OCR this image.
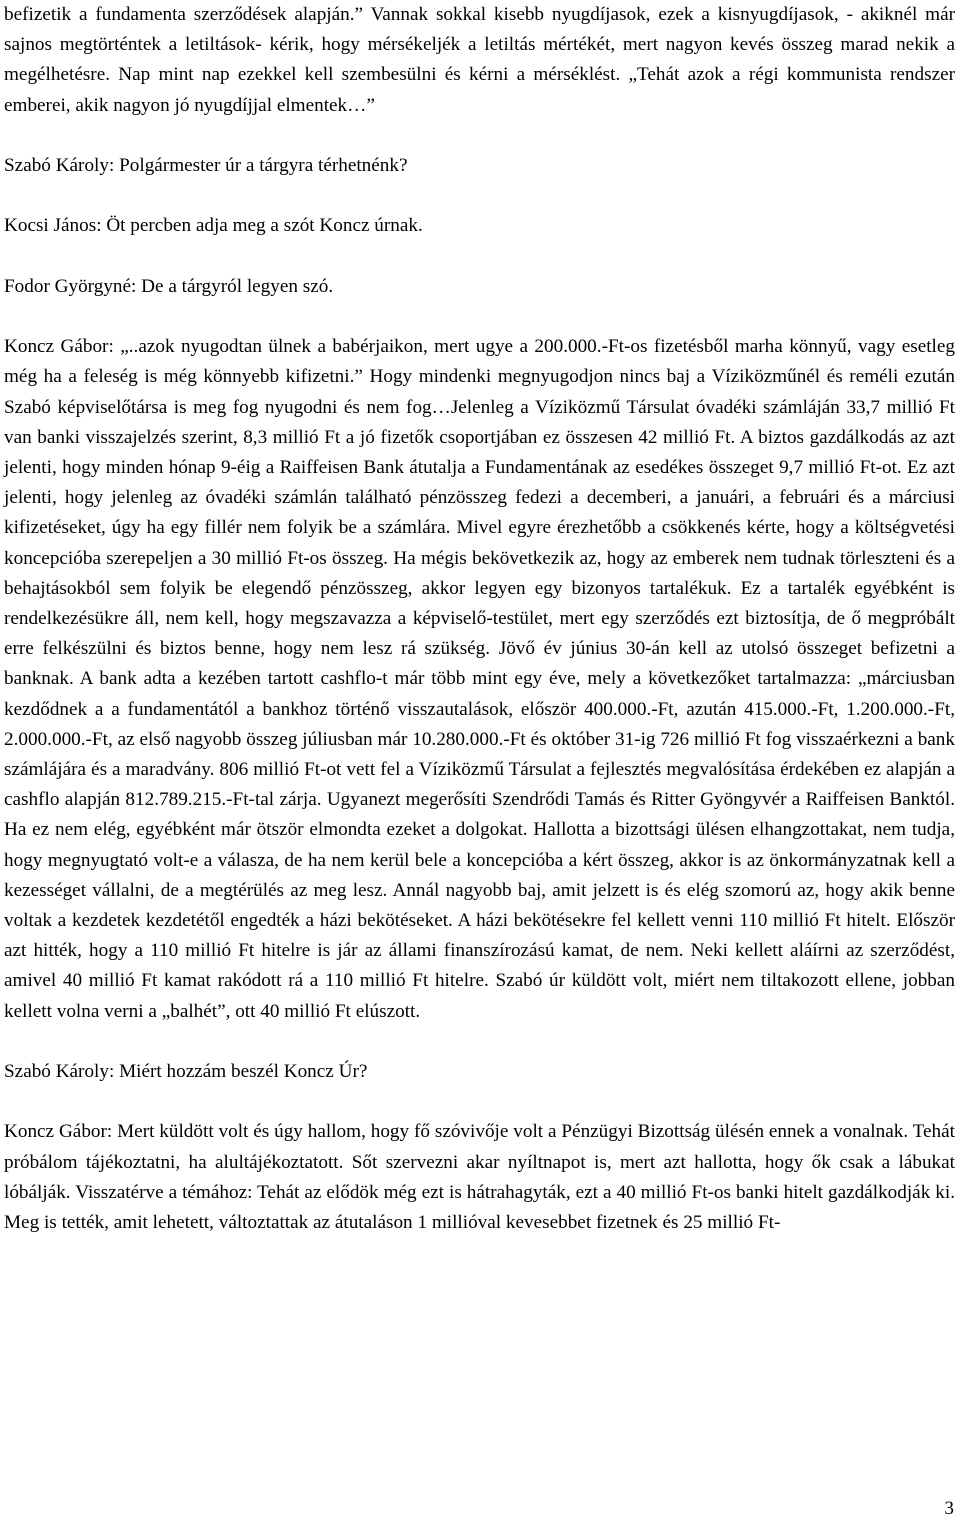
befizetik a fundamenta szerződések alapján.” Vannak sokkal kisebb nyugdíjasok, ezek a kisnyugdíjasok, - akiknél már sajnos megtörténtek a letiltások- kérik, hogy mérsékeljék a letiltás mértékét, mert nagyon kevés összeg marad nekik a megélhetésre. Nap mint nap ezekkel kell szembesülni és kérni a mérséklést. „Tehát azok a régi kommunista rendszer emberei, akik nagyon jó nyugdíjjal elmentek…”

Szabó Károly: Polgármester úr a tárgyra térhetnénk?

Kocsi János: Öt percben adja meg a szót Koncz úrnak.

Fodor Györgyné: De a tárgyról legyen szó.

Koncz Gábor: „..azok nyugodtan ülnek a babérjaikon, mert ugye a 200.000.-Ft-os fizetésből marha könnyű, vagy esetleg még ha a feleség is még könnyebb kifizetni.” Hogy mindenki megnyugodjon nincs baj a Víziközműnél és reméli ezután Szabó képviselőtársa is meg fog nyugodni és nem fog…Jelenleg a Víziközmű Társulat óvadéki számláján 33,7 millió Ft van banki visszajelzés szerint, 8,3 millió Ft a jó fizetők csoportjában ez összesen 42 millió Ft. A biztos gazdálkodás az azt jelenti, hogy minden hónap 9-éig a Raiffeisen Bank átutalja a Fundamentának az esedékes összeget 9,7 millió Ft-ot. Ez azt jelenti, hogy jelenleg az óvadéki számlán található pénzösszeg fedezi a decemberi, a januári, a februári és a márciusi kifizetéseket, úgy ha egy fillér nem folyik be a számlára. Mivel egyre érezhetőbb a csökkenés kérte, hogy a költségvetési koncepcióba szerepeljen a 30 millió Ft-os összeg. Ha mégis bekövetkezik az, hogy az emberek nem tudnak törleszteni és a behajtásokból sem folyik be elegendő pénzösszeg, akkor legyen egy bizonyos tartalékuk. Ez a tartalék egyébként is rendelkezésükre áll, nem kell, hogy megszavazza a képviselő-testület, mert egy szerződés ezt biztosítja, de ő megpróbált erre felkészülni és biztos benne, hogy nem lesz rá szükség. Jövő év június 30-án kell az utolsó összeget befizetni a banknak. A bank adta a kezében tartott cashflo-t már több mint egy éve, mely a következőket tartalmazza: „márciusban kezdődnek a a fundamentától a bankhoz történő visszautalások, először 400.000.-Ft, azután 415.000.-Ft, 1.200.000.-Ft, 2.000.000.-Ft, az első nagyobb összeg júliusban már 10.280.000.-Ft és október 31-ig 726 millió Ft fog visszaérkezni a bank számlájára és a maradvány. 806 millió Ft-ot vett fel a Víziközmű Társulat a fejlesztés megvalósítása érdekében ez alapján a cashflo alapján 812.789.215.-Ft-tal zárja. Ugyanezt megerősíti Szendrődi Tamás és Ritter Gyöngyvér a Raiffeisen Banktól. Ha ez nem elég, egyébként már ötször elmondta ezeket a dolgokat. Hallotta a bizottsági ülésen elhangzottakat, nem tudja, hogy megnyugtató volt-e a válasza, de ha nem kerül bele a koncepcióba a kért összeg, akkor is az önkormányzatnak kell a kezességet vállalni, de a megtérülés az meg lesz. Annál nagyobb baj, amit jelzett is és elég szomorú az, hogy akik benne voltak a kezdetek kezdetétől engedték a házi bekötéseket. A házi bekötésekre fel kellett venni 110 millió Ft hitelt. Először azt hitték, hogy a 110 millió Ft hitelre is jár az állami finanszírozású kamat, de nem. Neki kellett aláírni az szerződést, amivel 40 millió Ft kamat rakódott rá a 110 millió Ft hitelre. Szabó úr küldött volt, miért nem tiltakozott ellene, jobban kellett volna verni a „balhét”, ott 40 millió Ft elúszott.

Szabó Károly: Miért hozzám beszél Koncz Úr?

Koncz Gábor: Mert küldött volt és úgy hallom, hogy fő szóvivője volt a Pénzügyi Bizottság ülésén ennek a vonalnak. Tehát próbálom tájékoztatni, ha alultájékoztatott. Sőt szervezni akar nyíltnapot is, mert azt hallotta, hogy ők csak a lábukat lóbálják. Visszatérve a témához: Tehát az elődök még ezt is hátrahagyták, ezt a 40 millió Ft-os banki hitelt gazdálkodják ki. Meg is tették, amit lehetett, változtattak az átutaláson 1 millióval kevesebbet fizetnek és 25 millió Ft-

3
